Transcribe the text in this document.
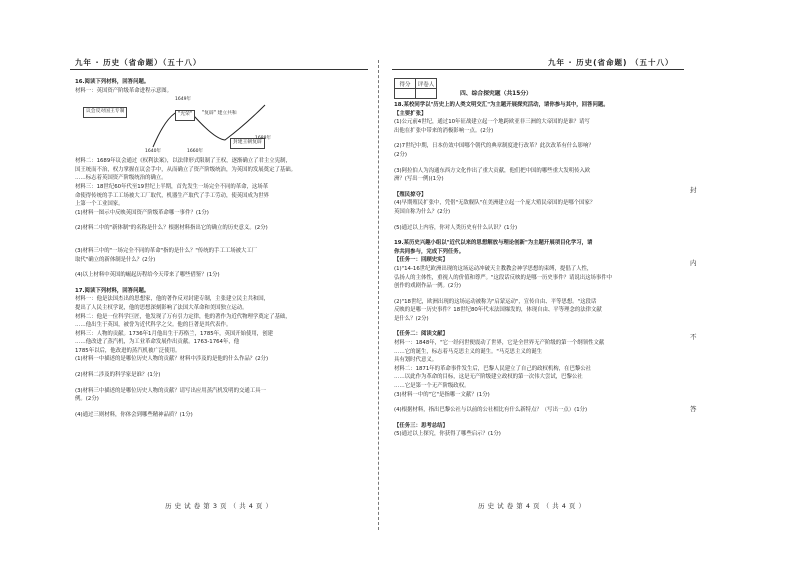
九年 · 历史（省命题）（五十八）

16.阅读下列材料，回答问题。

材料一：英国资产阶级革命进程示意图。

议会反对国王专制
"光荣"	"复辟" 建立共和
封建王朝复辟
1649年
1640年	1660年
1688年

材料二：1689年议会通过《权利法案》，以法律形式限制了王权，逐渐确立了君主立宪制，

国王统而不治，权力掌握在议会手中，从而确立了资产阶级统治，为英国的发展奠定了基础。

……标志着英国资产阶级统治的确立。

材料三：18世纪60年代至19世纪上半期，首先发生一场完全不同的革命，这场革

命使得传统的手工工场被大工厂取代，机器生产取代了手工劳动，使英国成为世界

上第一个工业国家。

(1)材料一图示中反映英国资产阶级革命哪一事件？(1分)

(2)材料二中的"新体制"的名称是什么？根据材料指出它的确立的历史意义。(2分)

(3)材料三中的"一场完全不同的革命"指的是什么？"传统的手工工场被大工厂

取代"确立的新体制是什么？(2分)

(4)以上材料中英国的崛起历程给今天带来了哪些借鉴？(1分)

17.阅读下列材料，回答问题。

材料一：他是法国杰出的思想家，他的著作反对封建专制，主张建立民主共和国，

提出了人民主权学说，他的思想深刻影响了法国大革命和美国独立运动。

材料二：他是一位科学巨匠，他发现了万有引力定律，他的著作为近代物理学奠定了基础，

……他出生于英国，被誉为近代科学之父。他的巨著是其代表作。

材料三：人物的贡献。1736年1月他出生于苏格兰，1785年，英国开始使用，创建

……他改进了蒸汽机，为工业革命发展作出贡献。1763-1764年，他

1785年以后，他改进的蒸汽机被广泛使用。

(1)材料一中描述的是哪位历史人物的贡献？材料中涉及的是他的什么作品？(2分)

(2)材料二涉及的科学家是谁？(1分)

(3)材料三中描述的是哪位历史人物的贡献？请写出应用蒸汽机发明的交通工具一

例。(2分)

(4)通过三则材料，你体会到哪些精神品质？(1分)

历 史 试 卷 第 3 页 （ 共 4 页 ）
九年 · 历史(省命题) （五十八）
得分	评卷人

四、综合探究题（共15分）

18.某校同学以"历史上的人类文明交汇"为主题开展探究活动，请你参与其中，回答问题。

【主要扩张】

(1)公元前4世纪，通过10年征战建立起一个地跨欧亚非三洲的大帝国的是谁？请写

出他在扩张中带来的消极影响一点。(2分)

(2)7世纪中期，日本仿效中国哪个朝代的典章制度进行改革？此次改革有什么影响？

(2分)

(3)阿拉伯人为沟通东西方文化作出了重大贡献，他们把中国的哪些重大发明传入欧

洲？(写出一例)(1分)

【殖民掠夺】

(4)早期殖民扩张中，凭借"无敌舰队"在美洲建立起一个庞大殖民帝国的是哪个国家？

英国自称为什么？(2分)

(5)通过以上内容，你对人类历史有什么认识？(1分)

19.某历史兴趣小组以"近代以来的思想解放与理论创新"为主题开展项目化学习，请

你共同参与，完成下列任务。

【任务一：回顾史实】

(1)"14-16世纪欧洲出现的这场运动冲破天主教教会神学思想的束缚，提倡了人性，

弘扬人的主体性，重视人的价值和尊严。"这段话反映的是哪一历史事件？请说出这场事件中

创作的戏剧作品一例。(2分)

(2)"18世纪，欧洲出现的这场运动被称为"启蒙运动"，宣传自由、平等思想。"这段话

反映的是哪一历史事件？18世纪80年代末法国爆发的，体现自由、平等理念的法律文献

是什么？(2分)

【任务二：阅读文献】

材料一：1848年，"它一经问世便震动了世界，它是全世界无产阶级的第一个纲领性文献

……它的诞生，标志着马克思主义的诞生。"马克思主义的诞生

具有划时代意义。

材料二：1871年的革命事件发生后，巴黎人民建立了自己的政权机构，在巴黎公社

……以此作为革命的目标，这是无产阶级建立政权的第一次伟大尝试，巴黎公社

……它是第一个无产阶级政权。

(3)材料一中的"它"是指哪一文献？(1分)

(4)根据材料，指出巴黎公社与以前的公社相比有什么新特点？（写出一点）(1分)

【任务三：思考总结】

(5)通过以上探究，你获得了哪些启示？(1分)

历 史 试 卷 第 4 页 （ 共 4 页 ）
封
内
不
答
